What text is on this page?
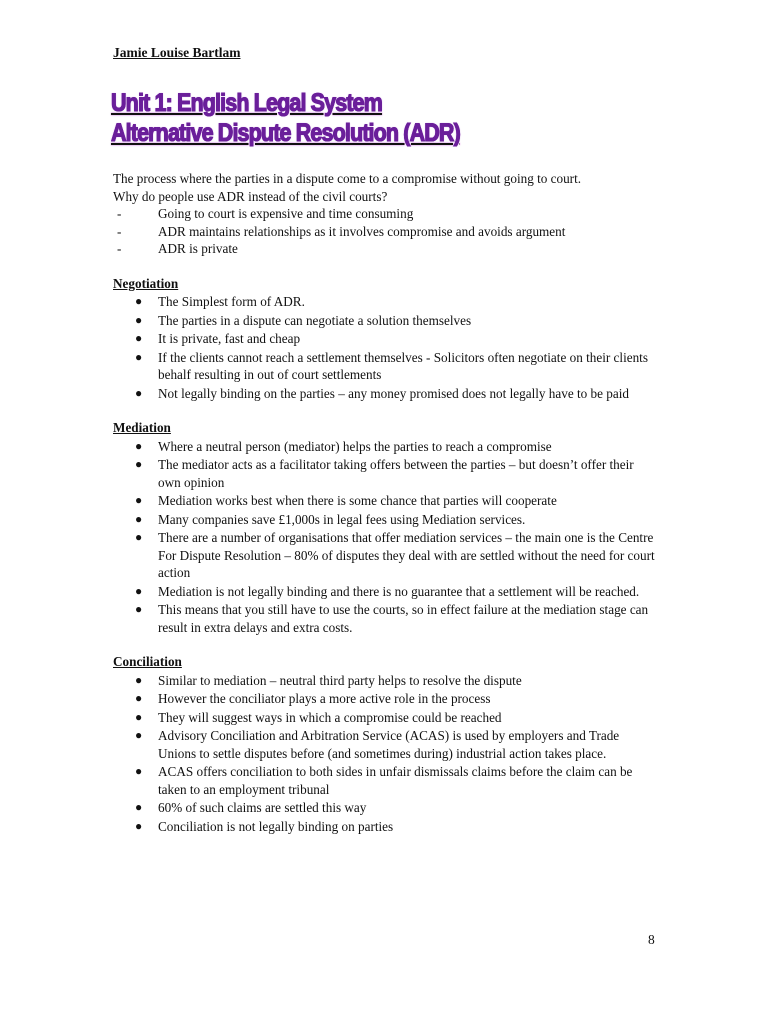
Jamie Louise Bartlam
Unit 1: English Legal System
Alternative Dispute Resolution (ADR)

The process where the parties in a dispute come to a compromise without going to court.

Why do people use ADR instead of the civil courts?

-	Going to court is expensive and time consuming
-	ADR maintains relationships as it involves compromise and avoids argument
-	ADR is private
Negotiation
● The Simplest form of ADR.
● The parties in a dispute can negotiate a solution themselves
● It is private, fast and cheap
● If the clients cannot reach a settlement themselves - Solicitors often negotiate on their clients behalf resulting in out of court settlements
● Not legally binding on the parties – any money promised does not legally have to be paid
Mediation
● Where a neutral person (mediator) helps the parties to reach a compromise
● The mediator acts as a facilitator taking offers between the parties – but doesn’t offer their own opinion
● Mediation works best when there is some chance that parties will cooperate
● Many companies save £1,000s in legal fees using Mediation services.
● There are a number of organisations that offer mediation services – the main one is the Centre For Dispute Resolution – 80% of disputes they deal with are settled without the need for court action
● Mediation is not legally binding and there is no guarantee that a settlement will be reached.
● This means that you still have to use the courts, so in effect failure at the mediation stage can result in extra delays and extra costs.
Conciliation
● Similar to mediation – neutral third party helps to resolve the dispute
● However the conciliator plays a more active role in the process
● They will suggest ways in which a compromise could be reached
● Advisory Conciliation and Arbitration Service (ACAS) is used by employers and Trade Unions to settle disputes before (and sometimes during) industrial action takes place.
● ACAS offers conciliation to both sides in unfair dismissals claims before the claim can be taken to an employment tribunal
● 60% of such claims are settled this way
● Conciliation is not legally binding on parties
8
